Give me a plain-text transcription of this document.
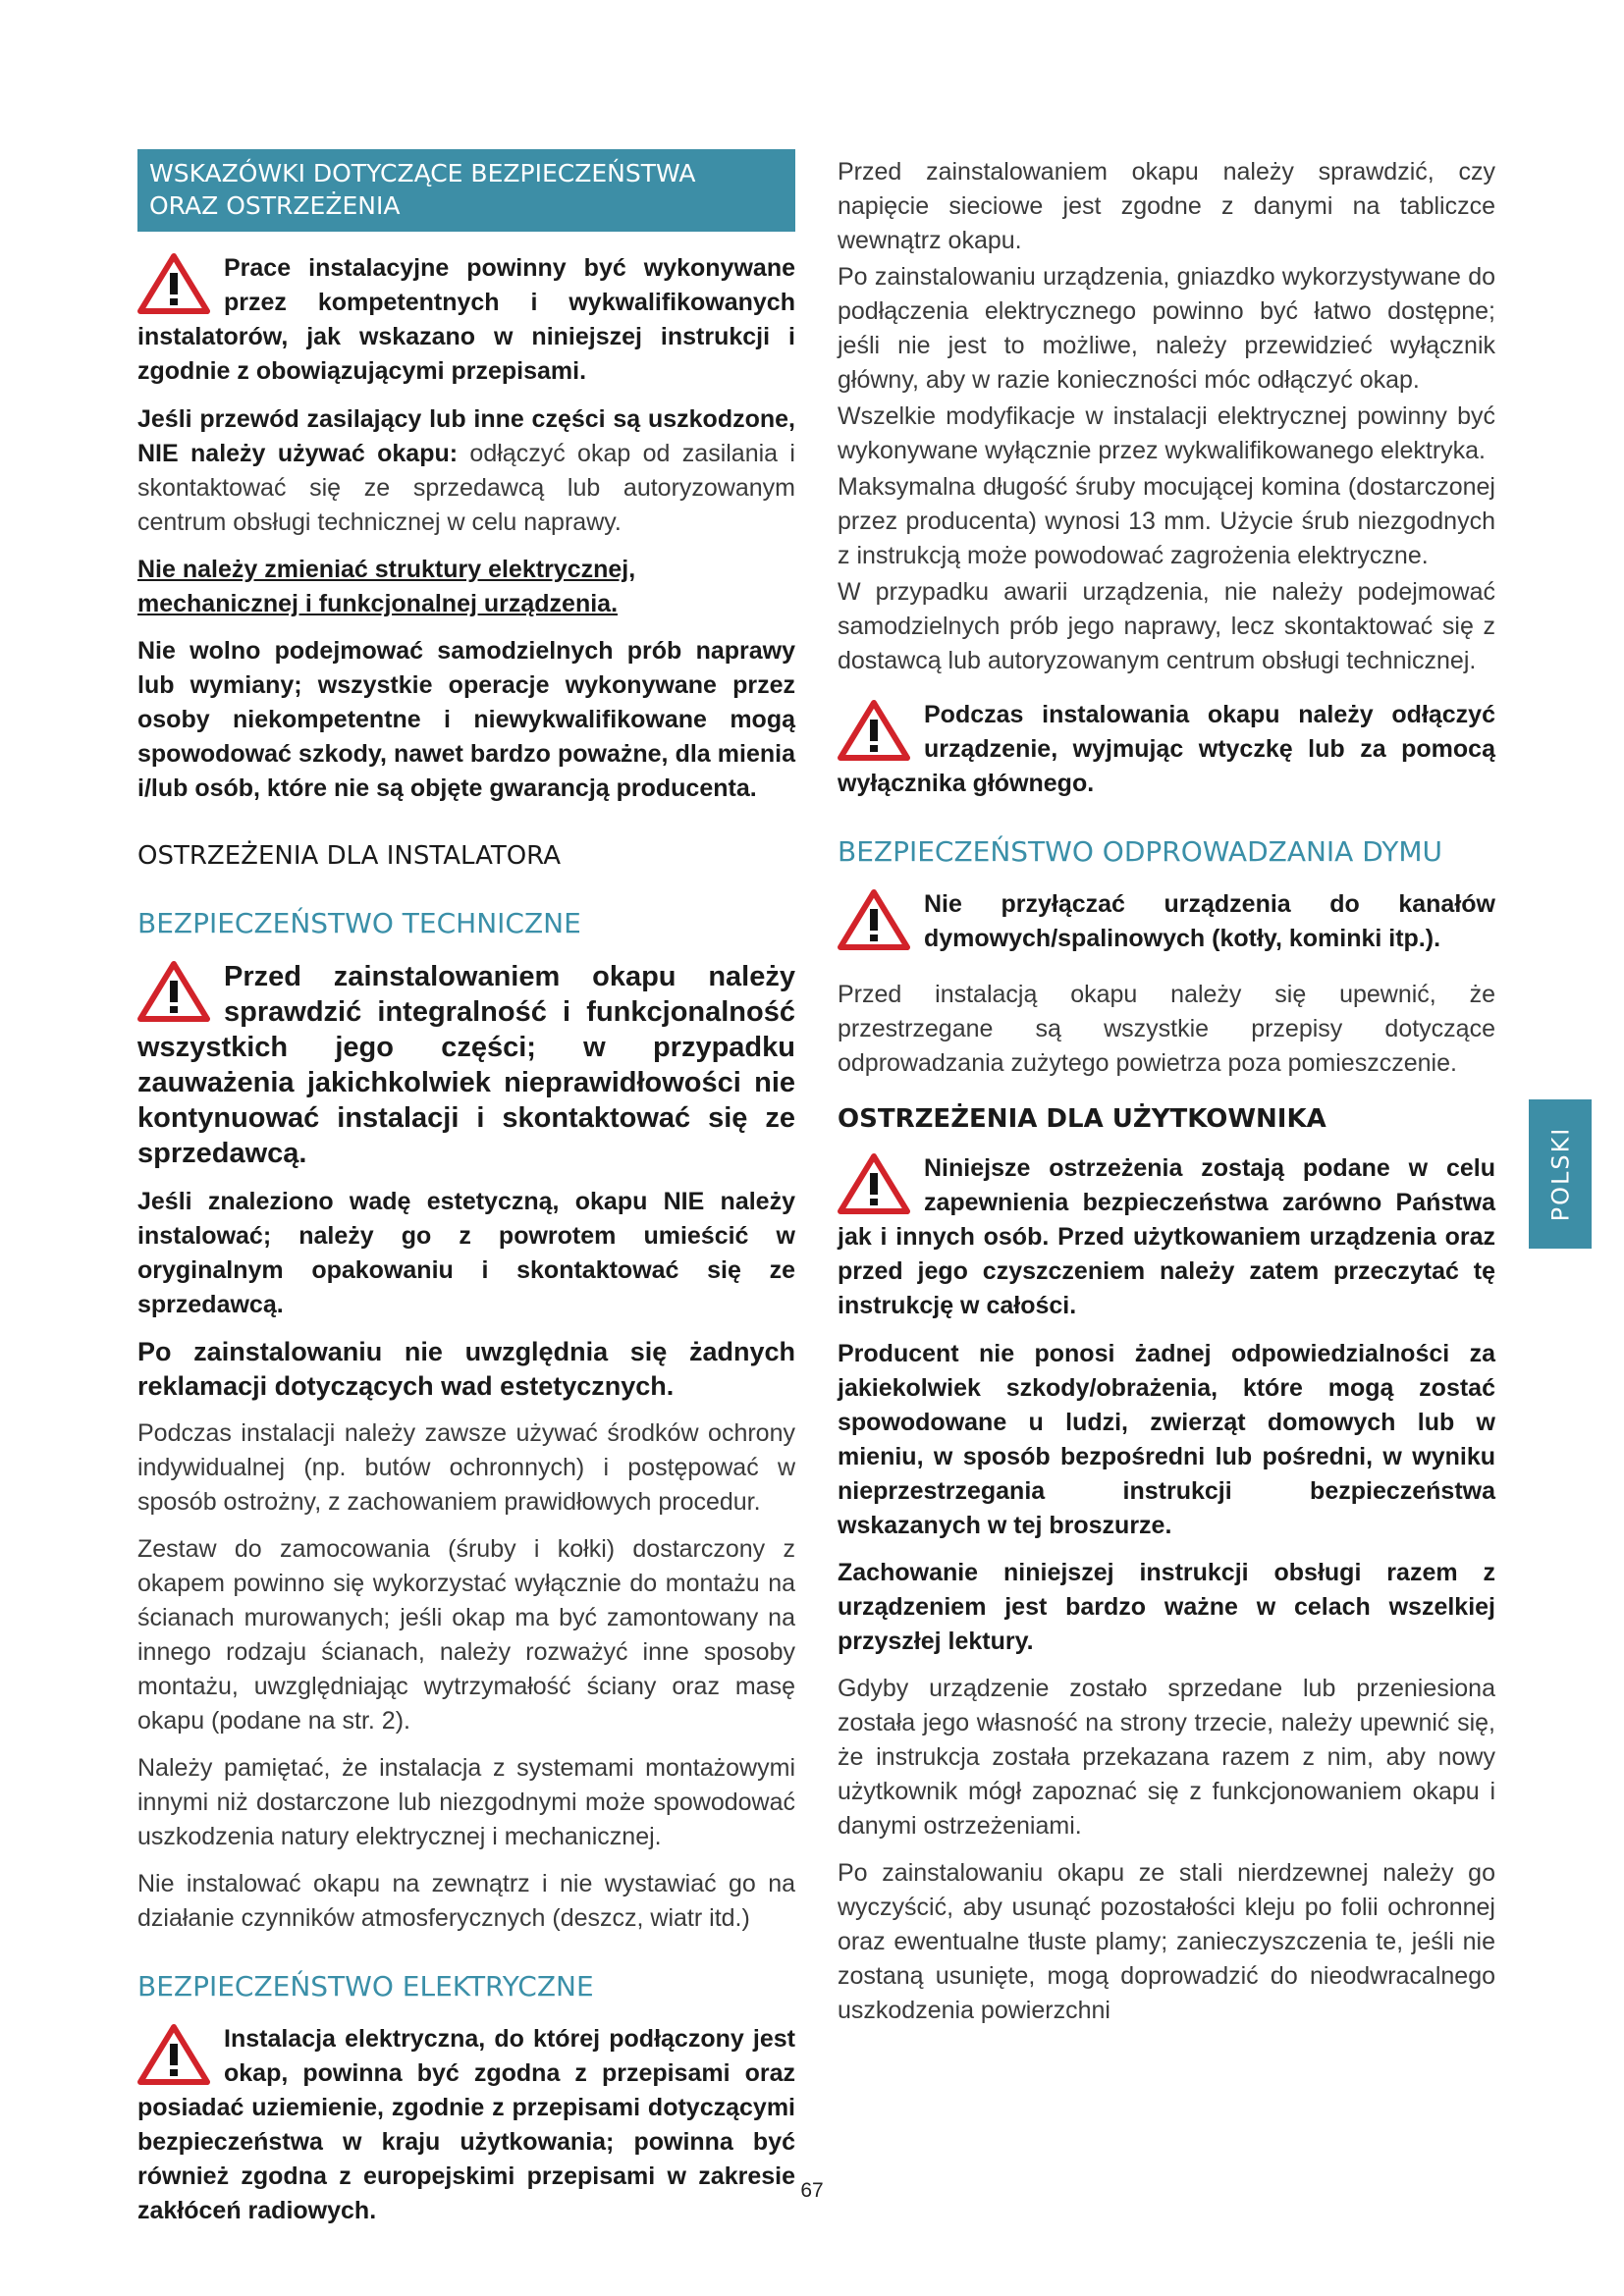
WSKAZÓWKI DOTYCZĄCE BEZPIECZEŃSTWA
ORAZ OSTRZEŻENIA

Prace instalacyjne powinny być wykonywane przez kompetentnych i wykwalifikowanych instalatorów, jak wskazano w niniejszej instrukcji i zgodnie z obowiązującymi przepisami.

Jeśli przewód zasilający lub inne części są uszkodzone, NIE należy używać okapu: odłączyć okap od zasilania i skontaktować się ze sprzedawcą lub autoryzowanym centrum obsługi technicznej w celu naprawy.

Nie należy zmieniać struktury elektrycznej, mechanicznej i funkcjonalnej urządzenia.

Nie wolno podejmować samodzielnych prób naprawy lub wymiany; wszystkie operacje wykonywane przez osoby niekompetentne i niewykwalifikowane mogą spowodować szkody, nawet bardzo poważne, dla mienia i/lub osób, które nie są objęte gwarancją producenta.

OSTRZEŻENIA DLA INSTALATORA
BEZPIECZEŃSTWO TECHNICZNE

Przed zainstalowaniem okapu należy sprawdzić integralność i funkcjonalność wszystkich jego części; w przypadku zauważenia jakichkolwiek nieprawidłowości nie kontynuować instalacji i skontaktować się ze sprzedawcą.

Jeśli znaleziono wadę estetyczną, okapu NIE należy instalować; należy go z powrotem umieścić w oryginalnym opakowaniu i skontaktować się ze sprzedawcą.

Po zainstalowaniu nie uwzględnia się żadnych reklamacji dotyczących wad estetycznych.

Podczas instalacji należy zawsze używać środków ochrony indywidualnej (np. butów ochronnych) i postępować w sposób ostrożny, z zachowaniem prawidłowych procedur.

Zestaw do zamocowania (śruby i kołki) dostarczony z okapem powinno się wykorzystać wyłącznie do montażu na ścianach murowanych; jeśli okap ma być zamontowany na innego rodzaju ścianach, należy rozważyć inne sposoby montażu, uwzględniając wytrzymałość ściany oraz masę okapu (podane na str. 2).

Należy pamiętać, że instalacja z systemami montażowymi innymi niż dostarczone lub niezgodnymi może spowodować uszkodzenia natury elektrycznej i mechanicznej.

Nie instalować okapu na zewnątrz i nie wystawiać go na działanie czynników atmosferycznych (deszcz, wiatr itd.)

BEZPIECZEŃSTWO ELEKTRYCZNE

Instalacja elektryczna, do której podłączony jest okap, powinna być zgodna z przepisami oraz posiadać uziemienie, zgodnie z przepisami dotyczącymi bezpieczeństwa w kraju użytkowania; powinna być również zgodna z europejskimi przepisami w zakresie zakłóceń radiowych.

Przed zainstalowaniem okapu należy sprawdzić, czy napięcie sieciowe jest zgodne z danymi na tabliczce wewnątrz okapu.

Po zainstalowaniu urządzenia, gniazdko wykorzystywane do podłączenia elektrycznego powinno być łatwo dostępne; jeśli nie jest to możliwe, należy przewidzieć wyłącznik główny, aby w razie konieczności móc odłączyć okap.

Wszelkie modyfikacje w instalacji elektrycznej powinny być wykonywane wyłącznie przez wykwalifikowanego elektryka.

Maksymalna długość śruby mocującej komina (dostarczonej przez producenta) wynosi 13 mm. Użycie śrub niezgodnych z instrukcją może powodować zagrożenia elektryczne.

W przypadku awarii urządzenia, nie należy podejmować samodzielnych prób jego naprawy, lecz skontaktować się z dostawcą lub autoryzowanym centrum obsługi technicznej.

Podczas instalowania okapu należy odłączyć urządzenie, wyjmując wtyczkę lub za pomocą wyłącznika głównego.

BEZPIECZEŃSTWO ODPROWADZANIA DYMU

Nie przyłączać urządzenia do kanałów dymowych/spalinowych (kotły, kominki itp.).

Przed instalacją okapu należy się upewnić, że przestrzegane są wszystkie przepisy dotyczące odprowadzania zużytego powietrza poza pomieszczenie.

OSTRZEŻENIA DLA UŻYTKOWNIKA

Niniejsze ostrzeżenia zostają podane w celu zapewnienia bezpieczeństwa zarówno Państwa jak i innych osób. Przed użytkowaniem urządzenia oraz przed jego czyszczeniem należy zatem przeczytać tę instrukcję w całości.

Producent nie ponosi żadnej odpowiedzialności za jakiekolwiek szkody/obrażenia, które mogą zostać spowodowane u ludzi, zwierząt domowych lub w mieniu, w sposób bezpośredni lub pośredni, w wyniku nieprzestrzegania instrukcji bezpieczeństwa wskazanych w tej broszurze.

Zachowanie niniejszej instrukcji obsługi razem z urządzeniem jest bardzo ważne w celach wszelkiej przyszłej lektury.

Gdyby urządzenie zostało sprzedane lub przeniesiona została jego własność na strony trzecie, należy upewnić się, że instrukcja została przekazana razem z nim, aby nowy użytkownik mógł zapoznać się z funkcjonowaniem okapu i danymi ostrzeżeniami.

Po zainstalowaniu okapu ze stali nierdzewnej należy go wyczyścić, aby usunąć pozostałości kleju po folii ochronnej oraz ewentualne tłuste plamy; zanieczyszczenia te, jeśli nie zostaną usunięte, mogą doprowadzić do nieodwracalnego uszkodzenia powierzchni

POLSKI
67
